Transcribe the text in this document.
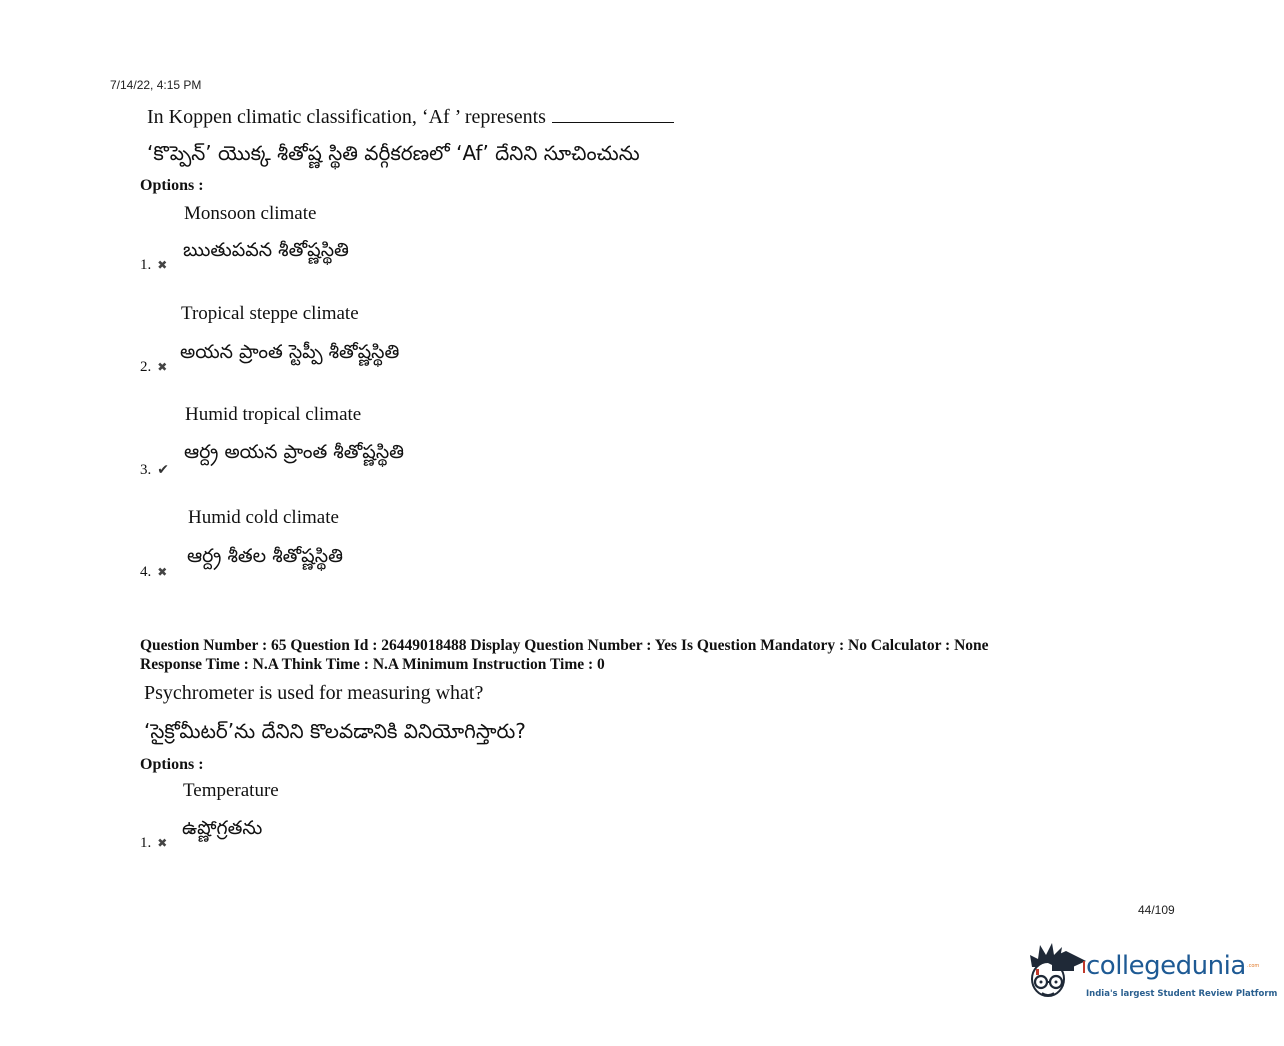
7/14/22, 4:15 PM
In Koppen climatic classification, ‘Af ’ represents
‘కొప్పెన్’ యొక్క శీతోష్ణ స్థితి వర్గీకరణలో ‘Af’ దేనిని సూచించును
Options :
Monsoon climate
ఋతుపవన శీతోష్ణస్థితి
1. ✖
Tropical steppe climate
అయన ప్రాంత స్టెప్పీ శీతోష్ణస్థితి
2. ✖
Humid tropical climate
ఆర్ద్ర అయన ప్రాంత శీతోష్ణస్థితి
3. ✔
Humid cold climate
ఆర్ద్ర శీతల శీతోష్ణస్థితి
4. ✖
Question Number : 65 Question Id : 26449018488 Display Question Number : Yes Is Question Mandatory : No Calculator : None
Response Time : N.A Think Time : N.A Minimum Instruction Time : 0
Psychrometer is used for measuring what?
‘సైక్రోమీటర్’ను దేనిని కొలవడానికి వినియోగిస్తారు?
Options :
Temperature
ఉష్ణోగ్రతను
1. ✖
44/109
collegedunia .com
India's largest Student Review Platform
